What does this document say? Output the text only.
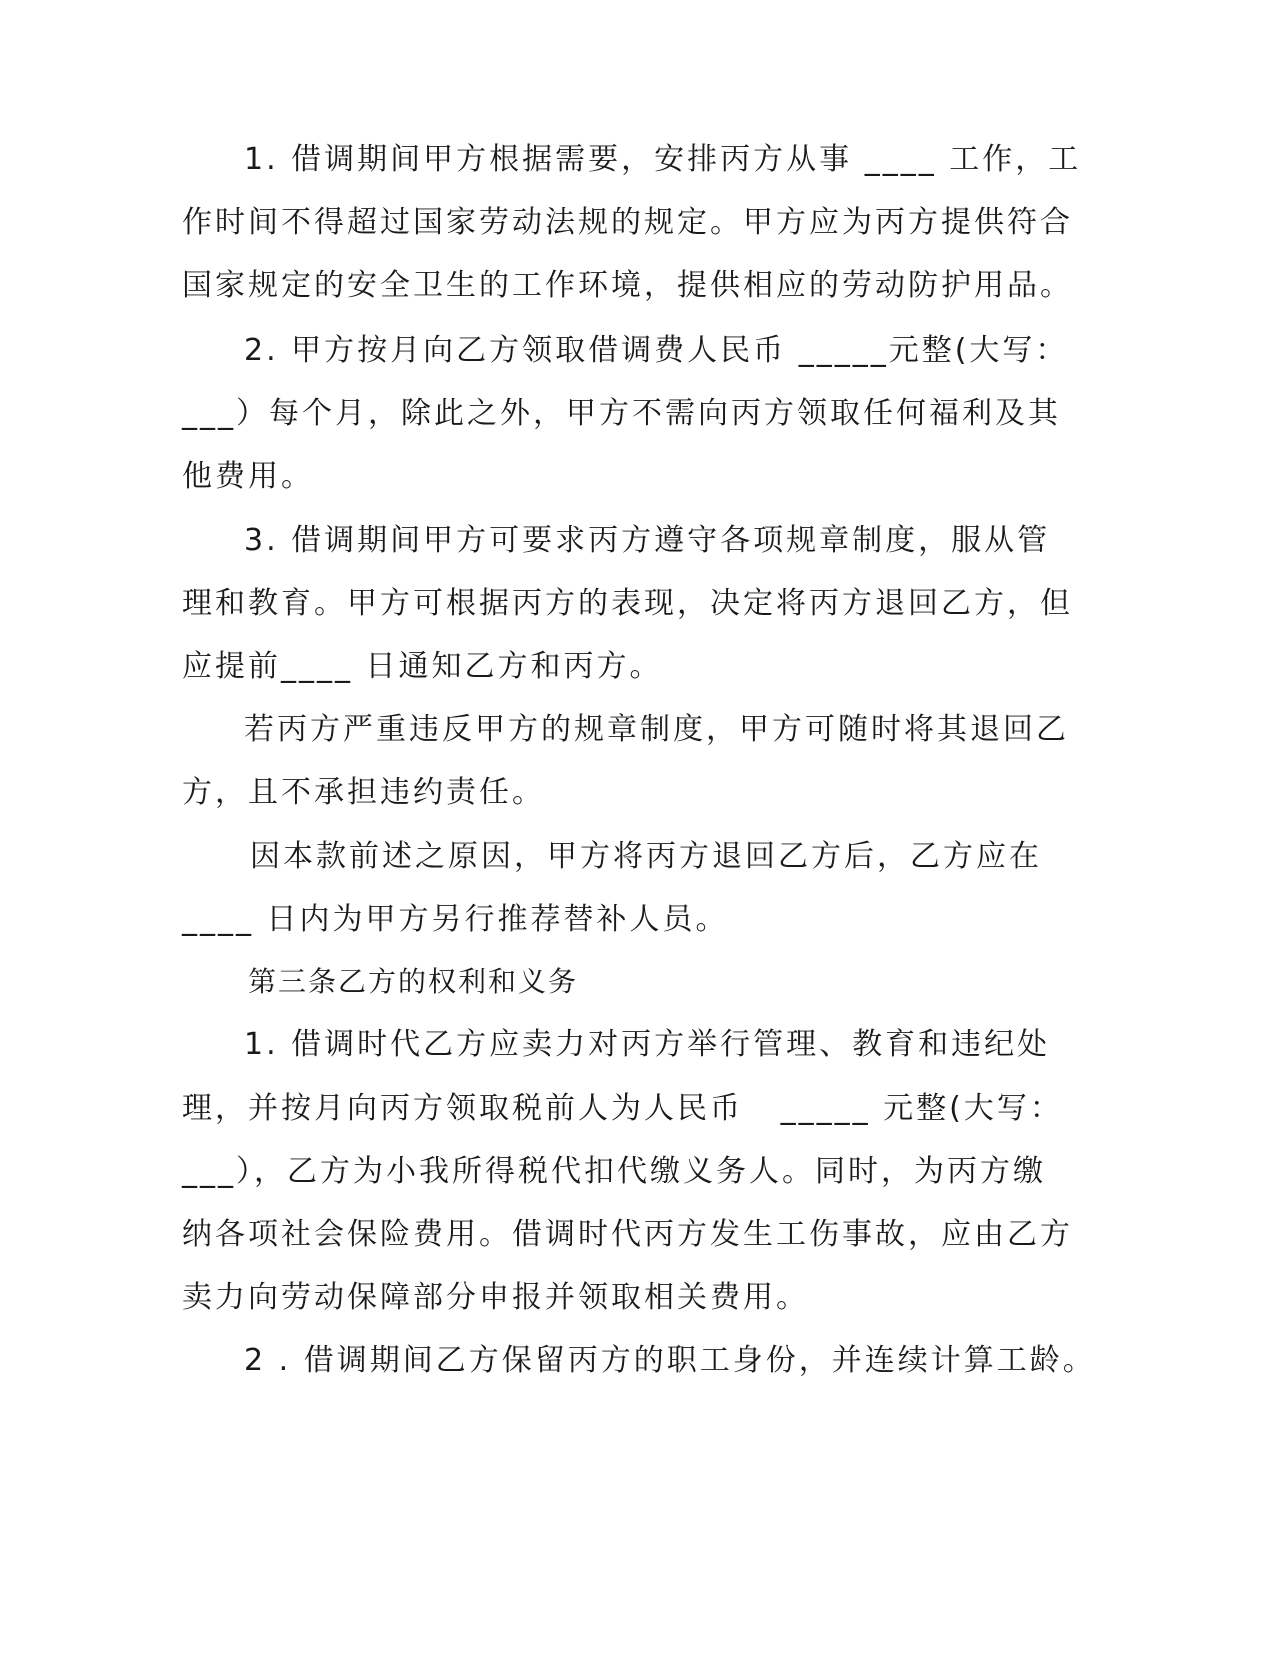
1. 借调期间甲方根据需要，安排丙方从事 ____ 工作，工
作时间不得超过国家劳动法规的规定。甲方应为丙方提供符合
国家规定的安全卫生的工作环境，提供相应的劳动防护用品。
2. 甲方按月向乙方领取借调费人民币 _____元整(大写：
___）每个月，除此之外，甲方不需向丙方领取任何福利及其
他费用。
3. 借调期间甲方可要求丙方遵守各项规章制度，服从管
理和教育。甲方可根据丙方的表现，决定将丙方退回乙方，但
应提前____ 日通知乙方和丙方。
若丙方严重违反甲方的规章制度，甲方可随时将其退回乙
方，且不承担违约责任。
因本款前述之原因，甲方将丙方退回乙方后，乙方应在
____ 日内为甲方另行推荐替补人员。
第三条乙方的权利和义务
1. 借调时代乙方应卖力对丙方举行管理、教育和违纪处
理，并按月向丙方领取税前人为人民币   _____ 元整(大写：
___），乙方为小我所得税代扣代缴义务人。同时，为丙方缴
纳各项社会保险费用。借调时代丙方发生工伤事故，应由乙方
卖力向劳动保障部分申报并领取相关费用。
2 . 借调期间乙方保留丙方的职工身份，并连续计算工龄。
